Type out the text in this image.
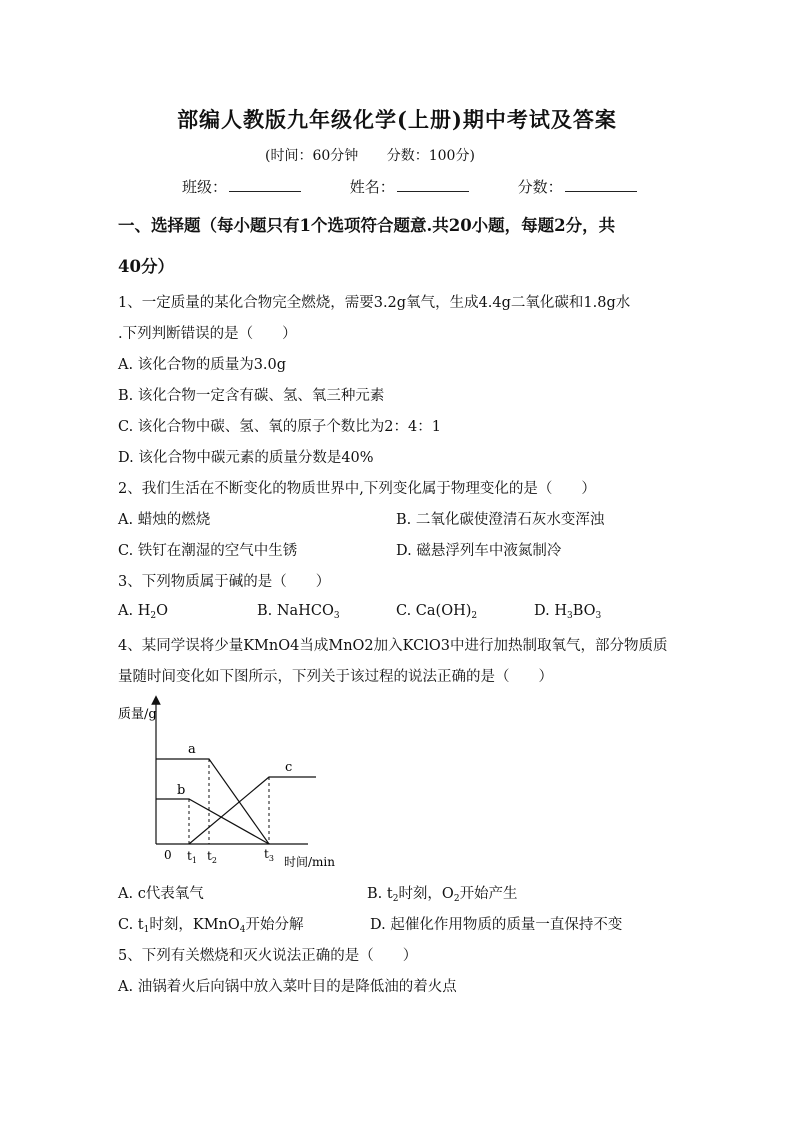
部编人教版九年级化学(上册)期中考试及答案
(时间：60分钟 分数：100分)
班级：	姓名：	分数：
一、选择题（每小题只有1个选项符合题意.共20小题，每题2分，共
40分）
1、一定质量的某化合物完全燃烧，需要3.2g氧气，生成4.4g二氧化碳和1.8g水
.下列判断错误的是（　　）
A. 该化合物的质量为3.0g
B. 该化合物一定含有碳、氢、氧三种元素
C. 该化合物中碳、氢、氧的原子个数比为2：4：1
D. 该化合物中碳元素的质量分数是40%
2、我们生活在不断变化的物质世界中,下列变化属于物理变化的是（　　）
A. 蜡烛的燃烧	B. 二氧化碳使澄清石灰水变浑浊
C. 铁钉在潮湿的空气中生锈	D. 磁悬浮列车中液氮制冷
3、下列物质属于碱的是（　　）
A. $H_2O$	B. NaHCO$_3$	C. $Ca(OH)_2$	D. $H_3BO_3$
4、某同学误将少量KMnO4当成MnO2加入KClO3中进行加热制取氧气，部分物质质
量随时间变化如下图所示，下列关于该过程的说法正确的是（　　）
质量/g
时间/min
0 $t_1$ $t_2$	$t_3$
a
b
c
A. c代表氧气	B. $t_2$时刻，$O_2$开始产生
C. $t_1$时刻，KMnO$_4$开始分解	D. 起催化作用物质的质量一直保持不变
5、下列有关燃烧和灭火说法正确的是（　　）
A. 油锅着火后向锅中放入菜叶目的是降低油的着火点
